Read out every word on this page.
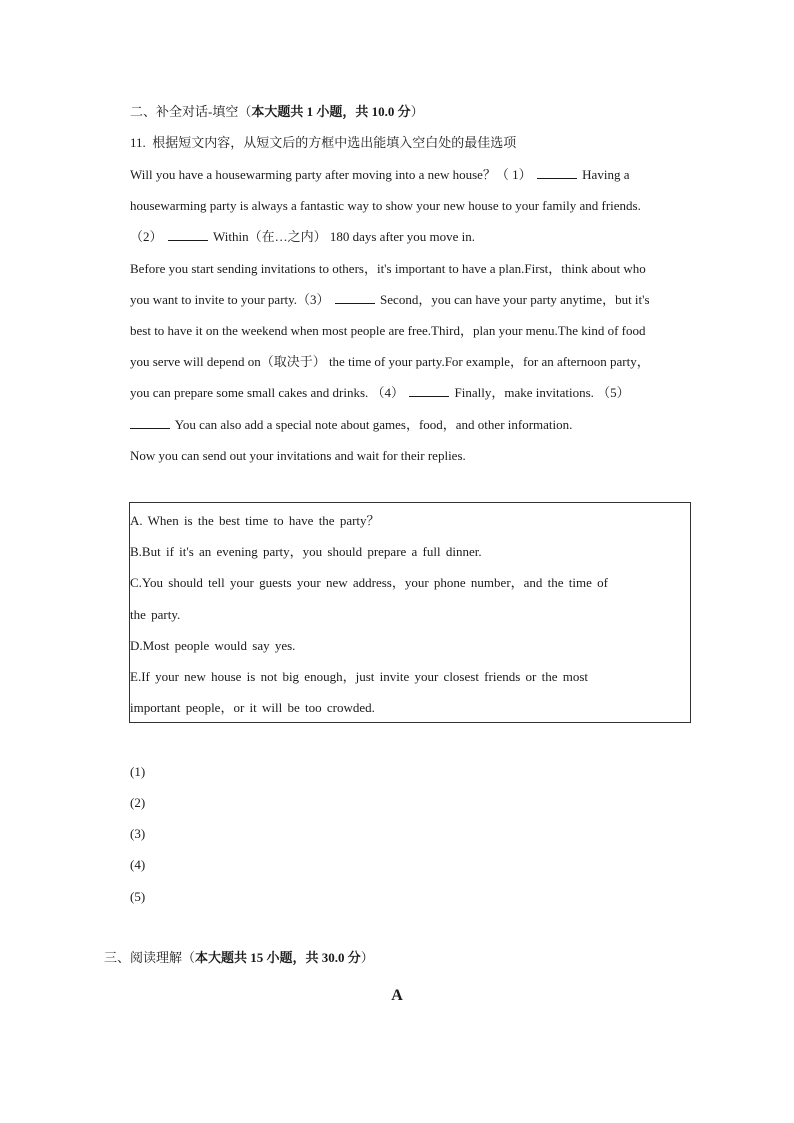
二、补全对话-填空（本大题共 1 小题，共 10.0 分）
11. 根据短文内容，从短文后的方框中选出能填入空白处的最佳选项
Will you have a housewarming party after moving into a new house？（ 1）	Having a
housewarming party is always a fantastic way to show your new house to your family and friends.
（2）	Within（在…之内） 180 days after you move in.
Before you start sending invitations to others，it's important to have a plan.First，think about who
you want to invite to your party.（3）	Second，you can have your party anytime，but it's
best to have it on the weekend when most people are free.Third，plan your menu.The kind of food
you serve will depend on（取决于） the time of your party.For example，for an afternoon party，
you can prepare some small cakes and drinks. （4）	Finally，make invitations. （5）
You can also add a special note about games，food，and other information.
Now you can send out your invitations and wait for their replies.
A. When is the best time to have the party？
B.But if it's an evening party，you should prepare a full dinner.
C.You should tell your guests your new address，your phone number，and the time of
the party.
D.Most people would say yes.
E.If your new house is not big enough，just invite your closest friends or the most
important people，or it will be too crowded.
(1)
(2)
(3)
(4)
(5)
三、阅读理解（本大题共 15 小题，共 30.0 分）
A
